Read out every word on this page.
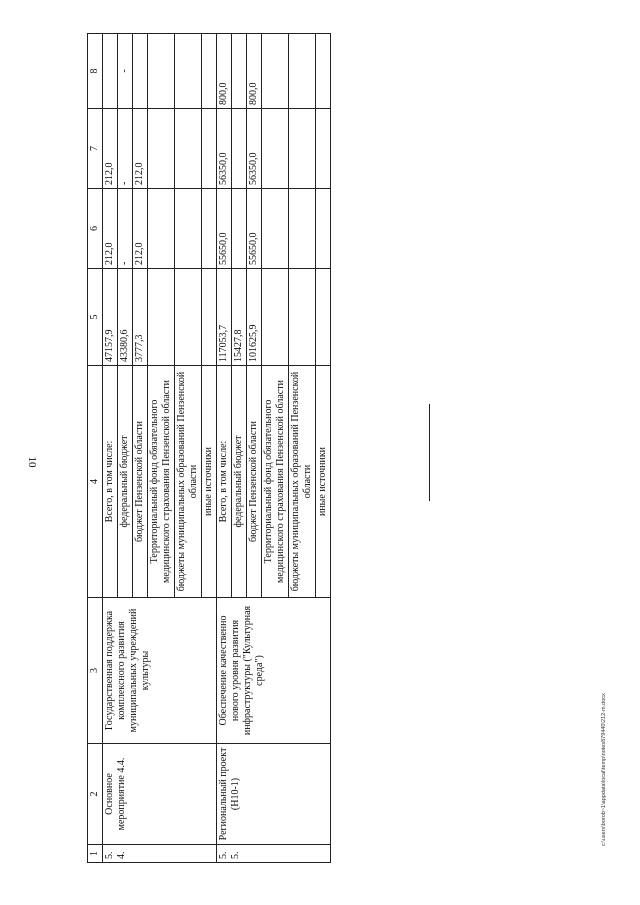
10
c:\users\borob~1\appdata\local\temp\notes879440\212-m.docx
1	2	3	4	5	6	7	8
5.4.	Основное мероприятие 4.4.	Государственная поддержка комплексного развития муниципальных учреждений культуры	Всего, в том числе:	47157,9	212,0	212,0	
			федеральный бюджет	43380,6	-	-	-
			бюджет Пензенской области	3777,3	212,0	212,0	
			Территориальный фонд обязательного медицинского страхования Пензенской области				
			бюджеты муниципальных образований Пензенской области				
			иные источники				
5.5.	Региональный проект (Н10-1)	Обеспечение качественно нового уровня развития инфраструктуры ("Культурная среда")	Всего, в том числе:	117053,7	55650,0	56350,0	800,0
			федеральный бюджет	15427,8			
			бюджет Пензенской области	101625,9	55650,0	56350,0	800,0
			Территориальный фонд обязательного медицинского страхования Пензенской области				
			бюджеты муниципальных образований Пензенской области				
			иные источники				
